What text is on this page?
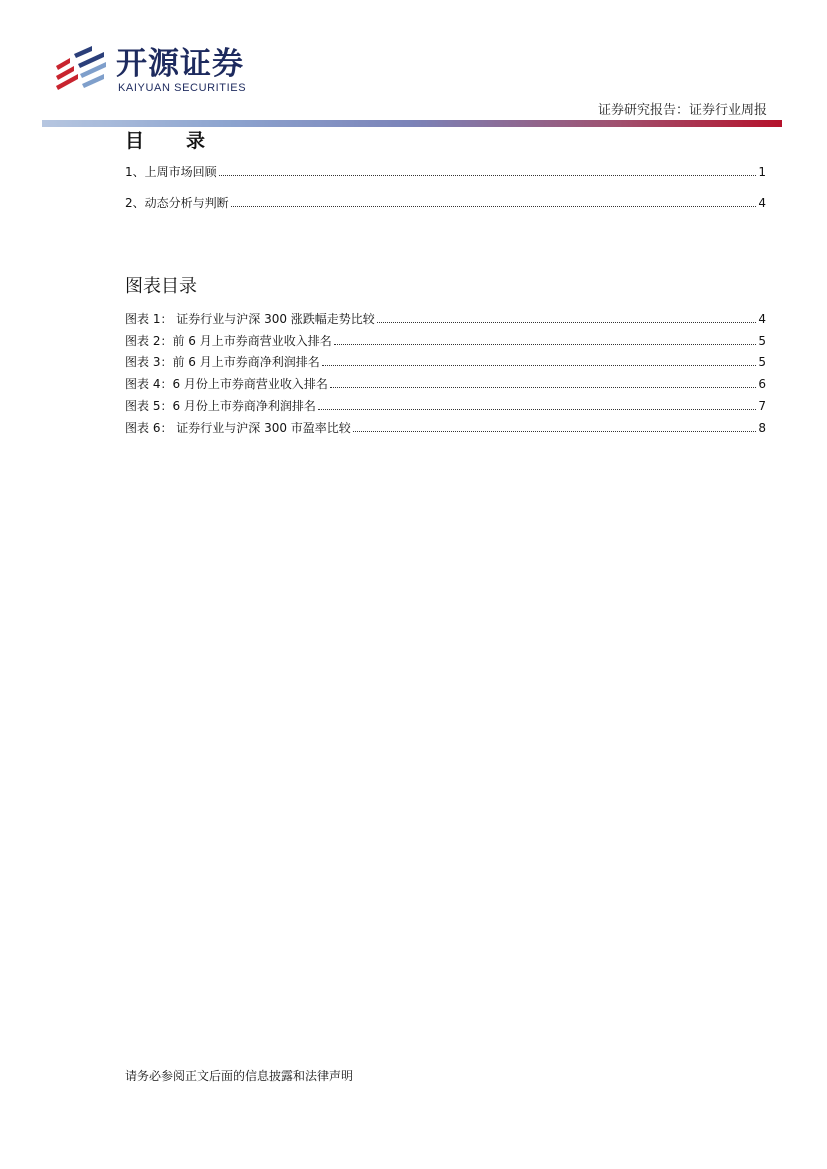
开源证券
KAIYUAN SECURITIES
证券研究报告：证券行业周报
目 录
1、上周市场回顾	1
2、动态分析与判断	4
图表目录
图表 1： 证券行业与沪深 300 涨跌幅走势比较	4
图表 2：前 6 月上市券商营业收入排名	5
图表 3：前 6 月上市券商净利润排名	5
图表 4：6 月份上市券商营业收入排名	6
图表 5：6 月份上市券商净利润排名	7
图表 6： 证券行业与沪深 300 市盈率比较	8
请务必参阅正文后面的信息披露和法律声明
